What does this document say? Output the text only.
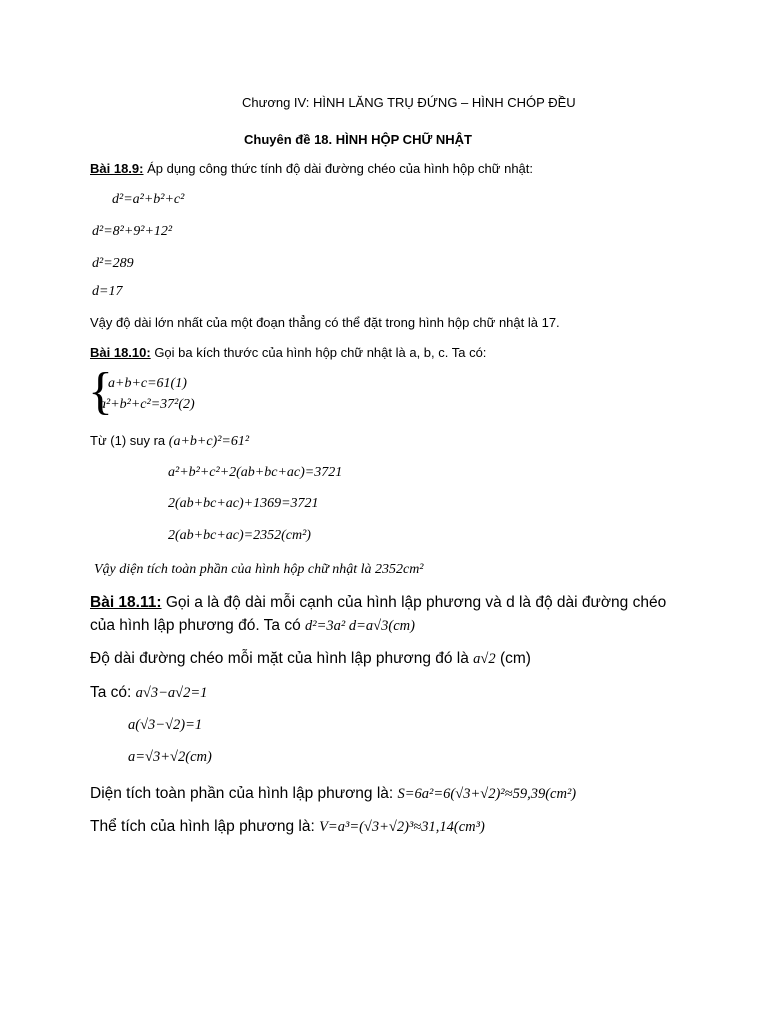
Chương IV: HÌNH LĂNG TRỤ ĐỨNG – HÌNH CHÓP ĐỀU
Chuyên đề 18. HÌNH HỘP CHỮ NHẬT
Bài 18.9: Áp dụng công thức tính độ dài đường chéo của hình hộp chữ nhật:
d²=a²+b²+c²
d²=8²+9²+12²
d²=289
d=17
Vậy độ dài lớn nhất của một đoạn thẳng có thể đặt trong hình hộp chữ nhật là 17.
Bài 18.10: Gọi ba kích thước của hình hộp chữ nhật là a, b, c. Ta có:
{
a+b+c=61(1)
a²+b²+c²=37²(2)
Từ (1) suy ra (a+b+c)²=61²
a²+b²+c²+2(ab+bc+ac)=3721
2(ab+bc+ac)+1369=3721
2(ab+bc+ac)=2352(cm²)
Vậy diện tích toàn phần của hình hộp chữ nhật là 2352cm²
Bài 18.11: Gọi a là độ dài mỗi cạnh của hình lập phương và d là độ dài đường chéo
của hình lập phương đó. Ta có d²=3a² d=a√3(cm)
Độ dài đường chéo mỗi mặt của hình lập phương đó là a√2 (cm)
Ta có: a√3−a√2=1
a(√3−√2)=1
a=√3+√2(cm)
Diện tích toàn phần của hình lập phương là: S=6a²=6(√3+√2)²≈59,39(cm²)
Thể tích của hình lập phương là: V=a³=(√3+√2)³≈31,14(cm³)
